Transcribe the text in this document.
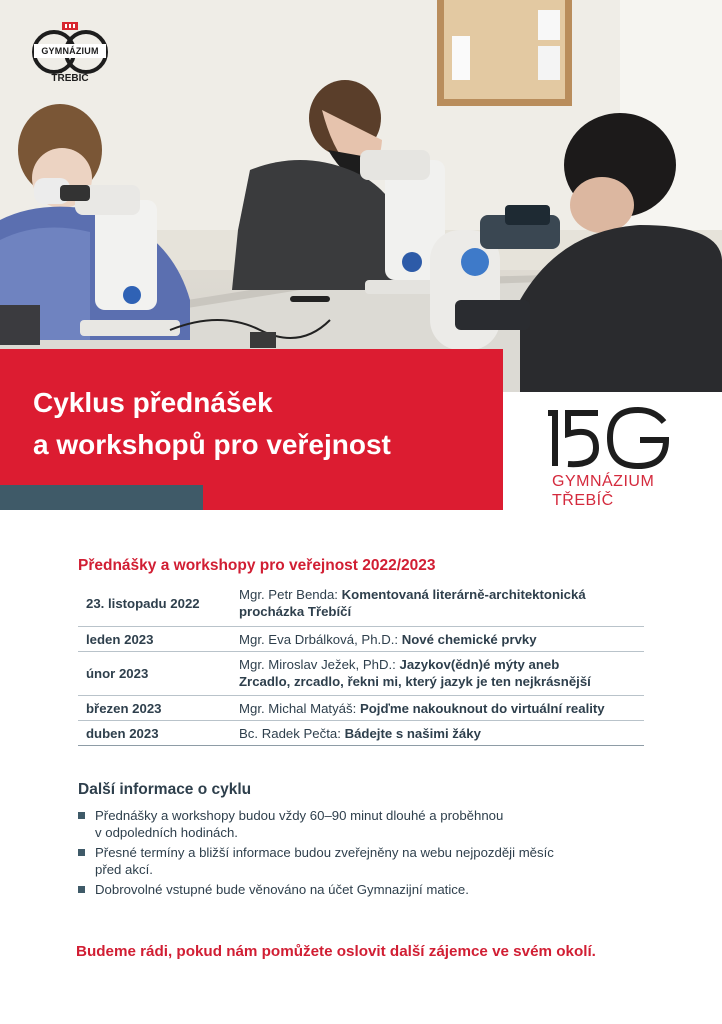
GYMNÁZIUM
TŘEBÍČ
Cyklus přednášek
a workshopů pro veřejnost
GYMNÁZIUM
TŘEBÍČ
Přednášky a workshopy pro veřejnost 2022/2023
23. listopadu 2022	Mgr. Petr Benda: Komentovaná literárně-architektonická
procházka Třebíčí
leden 2023	Mgr. Eva Drbálková, Ph.D.: Nové chemické prvky
únor 2023	Mgr. Miroslav Ježek, PhD.: Jazykov(ědn)é mýty aneb
Zrcadlo, zrcadlo, řekni mi, který jazyk je ten nejkrásnější
březen 2023	Mgr. Michal Matyáš: Pojďme nakouknout do virtuální reality
duben 2023	Bc. Radek Pečta: Bádejte s našimi žáky
Další informace o cyklu
Přednášky a workshopy budou vždy 60–90 minut dlouhé a proběhnou
v odpoledních hodinách.
Přesné termíny a bližší informace budou zveřejněny na webu nejpozději měsíc
před akcí.
Dobrovolné vstupné bude věnováno na účet Gymnazijní matice.

Budeme rádi, pokud nám pomůžete oslovit další zájemce ve svém okolí.
